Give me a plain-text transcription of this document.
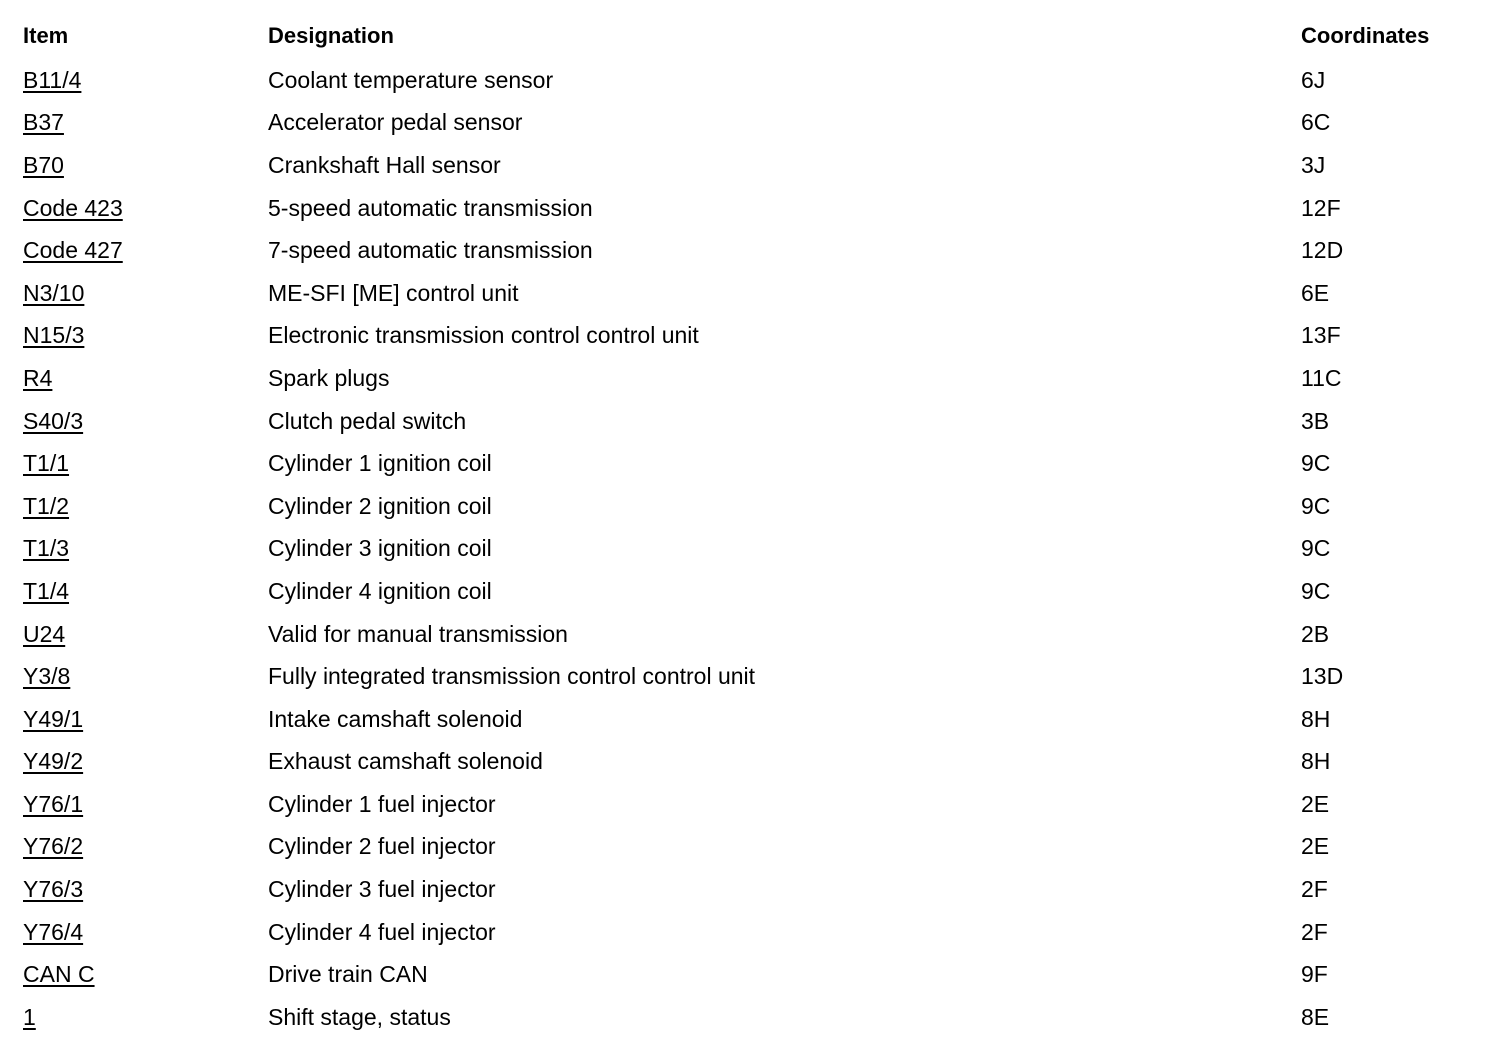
Item	Designation	Coordinates
B11/4	Coolant temperature sensor	6J
B37	Accelerator pedal sensor	6C
B70	Crankshaft Hall sensor	3J
Code 423	5-speed automatic transmission	12F
Code 427	7-speed automatic transmission	12D
N3/10	ME-SFI [ME] control unit	6E
N15/3	Electronic transmission control control unit	13F
R4	Spark plugs	11C
S40/3	Clutch pedal switch	3B
T1/1	Cylinder 1 ignition coil	9C
T1/2	Cylinder 2 ignition coil	9C
T1/3	Cylinder 3 ignition coil	9C
T1/4	Cylinder 4 ignition coil	9C
U24	Valid for manual transmission	2B
Y3/8	Fully integrated transmission control control unit	13D
Y49/1	Intake camshaft solenoid	8H
Y49/2	Exhaust camshaft solenoid	8H
Y76/1	Cylinder 1 fuel injector	2E
Y76/2	Cylinder 2 fuel injector	2E
Y76/3	Cylinder 3 fuel injector	2F
Y76/4	Cylinder 4 fuel injector	2F
CAN C	Drive train CAN	9F
1	Shift stage, status	8E
